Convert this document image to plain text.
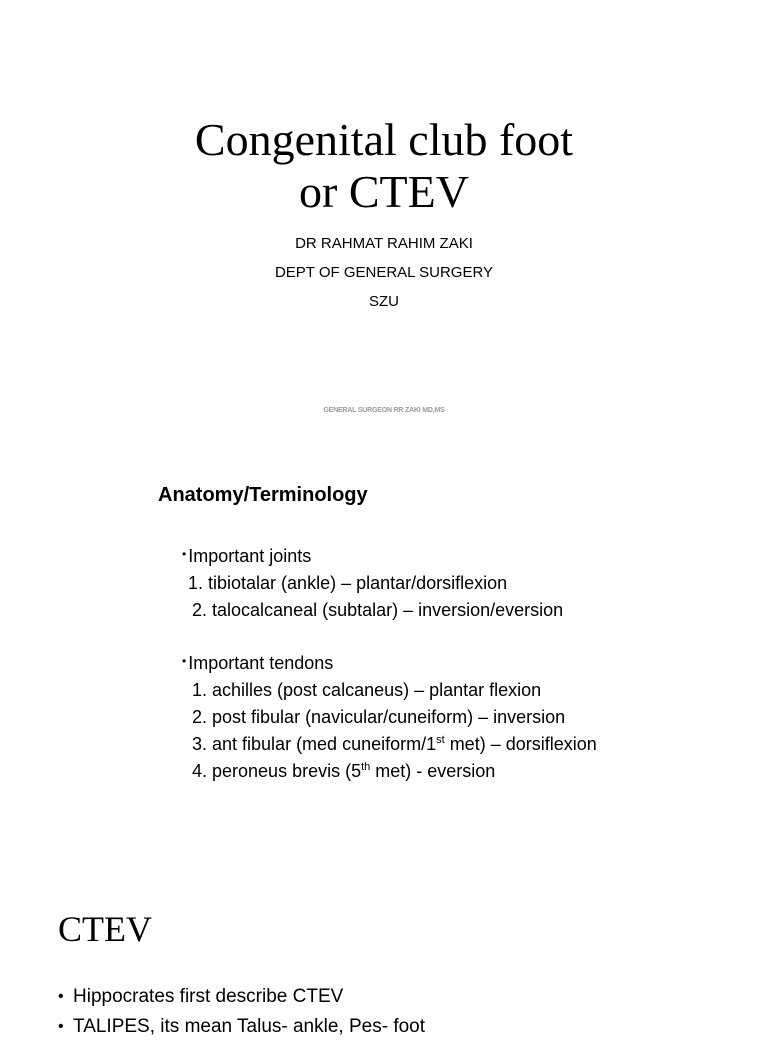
Congenital club foot
or CTEV
DR RAHMAT RAHIM ZAKI
DEPT OF GENERAL SURGERY
SZU
GENERAL SURGEON RR ZAKI MD,MS
Anatomy/Terminology
• Important joints
1. tibiotalar (ankle) – plantar/dorsiflexion
2. talocalcaneal (subtalar) – inversion/eversion
• Important tendons
1. achilles (post calcaneus) – plantar flexion
2. post fibular (navicular/cuneiform) – inversion
3. ant fibular (med cuneiform/1st met) – dorsiflexion
4. peroneus brevis (5th met) - eversion
CTEV
• Hippocrates first describe CTEV
• TALIPES, its mean Talus- ankle, Pes- foot
